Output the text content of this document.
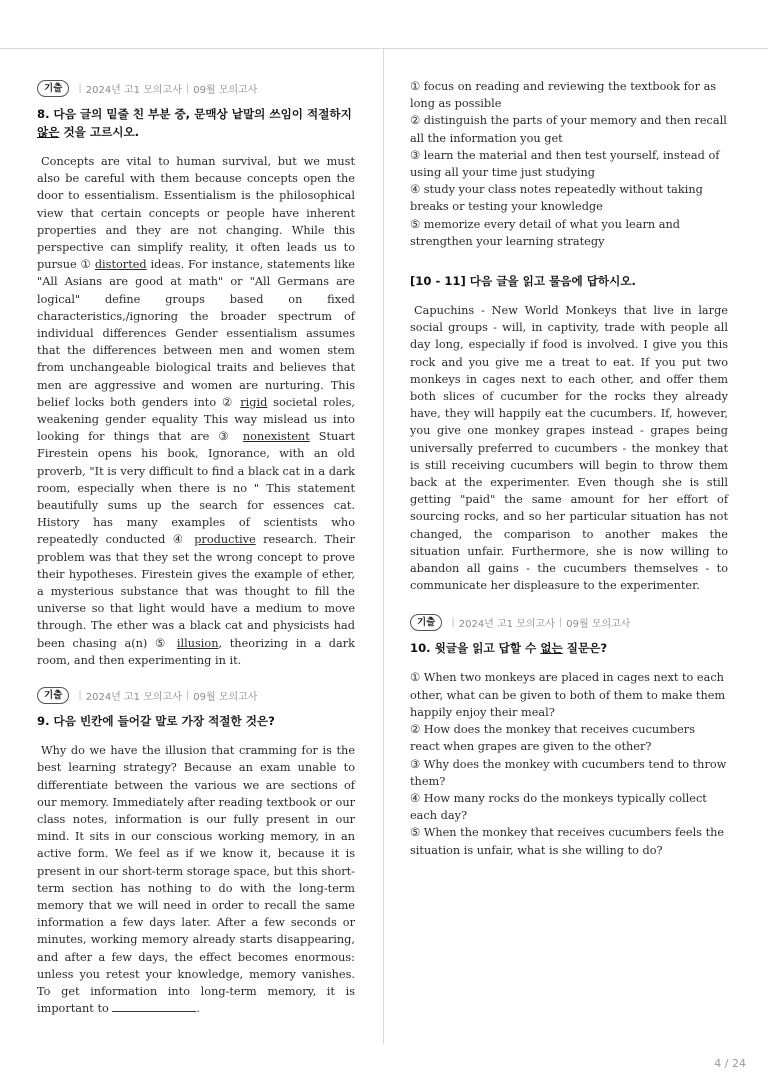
기출	| 2024년 고1 모의고사 | 09월 모의고사

8. 다음 글의 밑줄 친 부분 중, 문맥상 낱말의 쓰임이 적절하지 않은 것을 고르시오.

Concepts are vital to human survival, but we must also be careful with them because concepts open the door to essentialism. Essentialism is the philosophical view that certain concepts or people have inherent properties and they are not changing. While this perspective can simplify reality, it often leads us to pursue ① distorted ideas. For instance, statements like "All Asians are good at math" or "All Germans are logical" define groups based on fixed characteristics,/ignoring the broader spectrum of individual differences Gender essentialism assumes that the differences between men and women stem from unchangeable biological traits and believes that men are aggressive and women are nurturing. This belief locks both genders into ② rigid societal roles, weakening gender equality This way mislead us into looking for things that are ③ nonexistent Stuart Firestein opens his book, Ignorance, with an old proverb, "It is very difficult to find a black cat in a dark room, especially when there is no " This statement beautifully sums up the search for essences cat. History has many examples of scientists who repeatedly conducted ④ productive research. Their problem was that they set the wrong concept to prove their hypotheses. Firestein gives the example of ether, a mysterious substance that was thought to fill the universe so that light would have a medium to move through. The ether was a black cat and physicists had been chasing a(n) ⑤ illusion, theorizing in a dark room, and then experimenting in it.

기출	| 2024년 고1 모의고사 | 09월 모의고사

9. 다음 빈칸에 들어갈 말로 가장 적절한 것은?

Why do we have the illusion that cramming for is the best learning strategy? Because an exam unable to differentiate between the various we are sections of our memory. Immediately after reading textbook or our class notes, information is our fully present in our mind. It sits in our conscious working memory, in an active form. We feel as if we know it, because it is present in our short-term storage space, but this short-term section has nothing to do with the long-term memory that we will need in order to recall the same information a few days later. After a few seconds or minutes, working memory already starts disappearing, and after a few days, the effect becomes enormous: unless you retest your knowledge, memory vanishes. To get information into long-term memory, it is important to	.

① focus on reading and reviewing the textbook for as long as possible

② distinguish the parts of your memory and then recall all the information you get

③ learn the material and then test yourself, instead of using all your time just studying

④ study your class notes repeatedly without taking breaks or testing your knowledge

⑤ memorize every detail of what you learn and strengthen your learning strategy

[10 - 11] 다음 글을 읽고 물음에 답하시오.

Capuchins - New World Monkeys that live in large social groups - will, in captivity, trade with people all day long, especially if food is involved. I give you this rock and you give me a treat to eat. If you put two monkeys in cages next to each other, and offer them both slices of cucumber for the rocks they already have, they will happily eat the cucumbers. If, however, you give one monkey grapes instead - grapes being universally preferred to cucumbers - the monkey that is still receiving cucumbers will begin to throw them back at the experimenter. Even though she is still getting "paid" the same amount for her effort of sourcing rocks, and so her particular situation has not changed, the comparison to another makes the situation unfair. Furthermore, she is now willing to abandon all gains - the cucumbers themselves - to communicate her displeasure to the experimenter.

기출	| 2024년 고1 모의고사 | 09월 모의고사

10. 윗글을 읽고 답할 수 없는 질문은?

① When two monkeys are placed in cages next to each other, what can be given to both of them to make them happily enjoy their meal?

② How does the monkey that receives cucumbers react when grapes are given to the other?

③ Why does the monkey with cucumbers tend to throw them?

④ How many rocks do the monkeys typically collect each day?

⑤ When the monkey that receives cucumbers feels the situation is unfair, what is she willing to do?

4 / 24
